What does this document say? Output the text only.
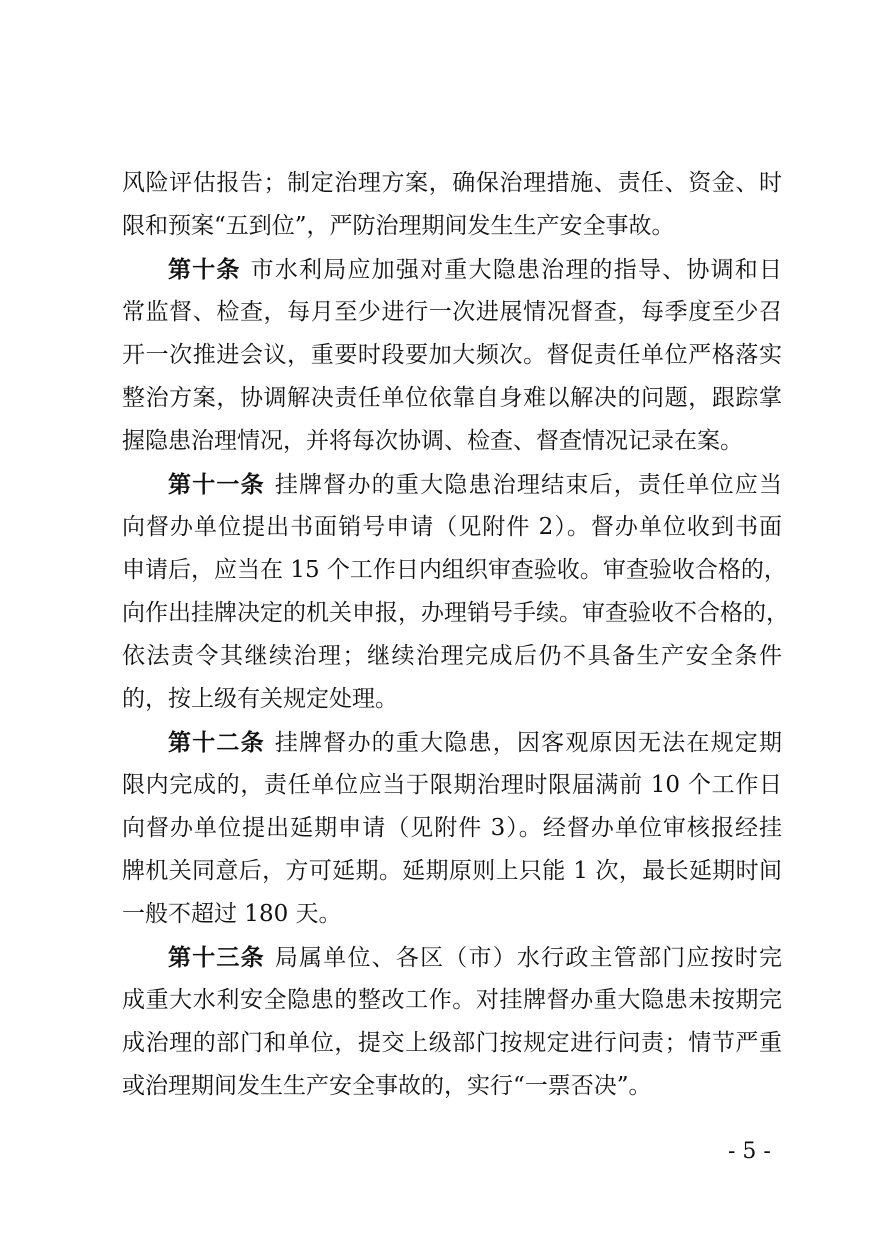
风险评估报告；制定治理方案，确保治理措施、责任、资金、时
限和预案“五到位”，严防治理期间发生生产安全事故。
第十条 市水利局应加强对重大隐患治理的指导、协调和日
常监督、检查，每月至少进行一次进展情况督查，每季度至少召
开一次推进会议，重要时段要加大频次。督促责任单位严格落实
整治方案，协调解决责任单位依靠自身难以解决的问题，跟踪掌
握隐患治理情况，并将每次协调、检查、督查情况记录在案。
第十一条 挂牌督办的重大隐患治理结束后，责任单位应当
向督办单位提出书面销号申请（见附件 2）。督办单位收到书面
申请后，应当在 15 个工作日内组织审查验收。审查验收合格的，
向作出挂牌决定的机关申报，办理销号手续。审查验收不合格的，
依法责令其继续治理；继续治理完成后仍不具备生产安全条件
的，按上级有关规定处理。
第十二条 挂牌督办的重大隐患，因客观原因无法在规定期
限内完成的，责任单位应当于限期治理时限届满前 10 个工作日
向督办单位提出延期申请（见附件 3）。经督办单位审核报经挂
牌机关同意后，方可延期。延期原则上只能 1 次，最长延期时间
一般不超过 180 天。
第十三条 局属单位、各区（市）水行政主管部门应按时完
成重大水利安全隐患的整改工作。对挂牌督办重大隐患未按期完
成治理的部门和单位，提交上级部门按规定进行问责；情节严重
或治理期间发生生产安全事故的，实行“一票否决”。
- 5 -
